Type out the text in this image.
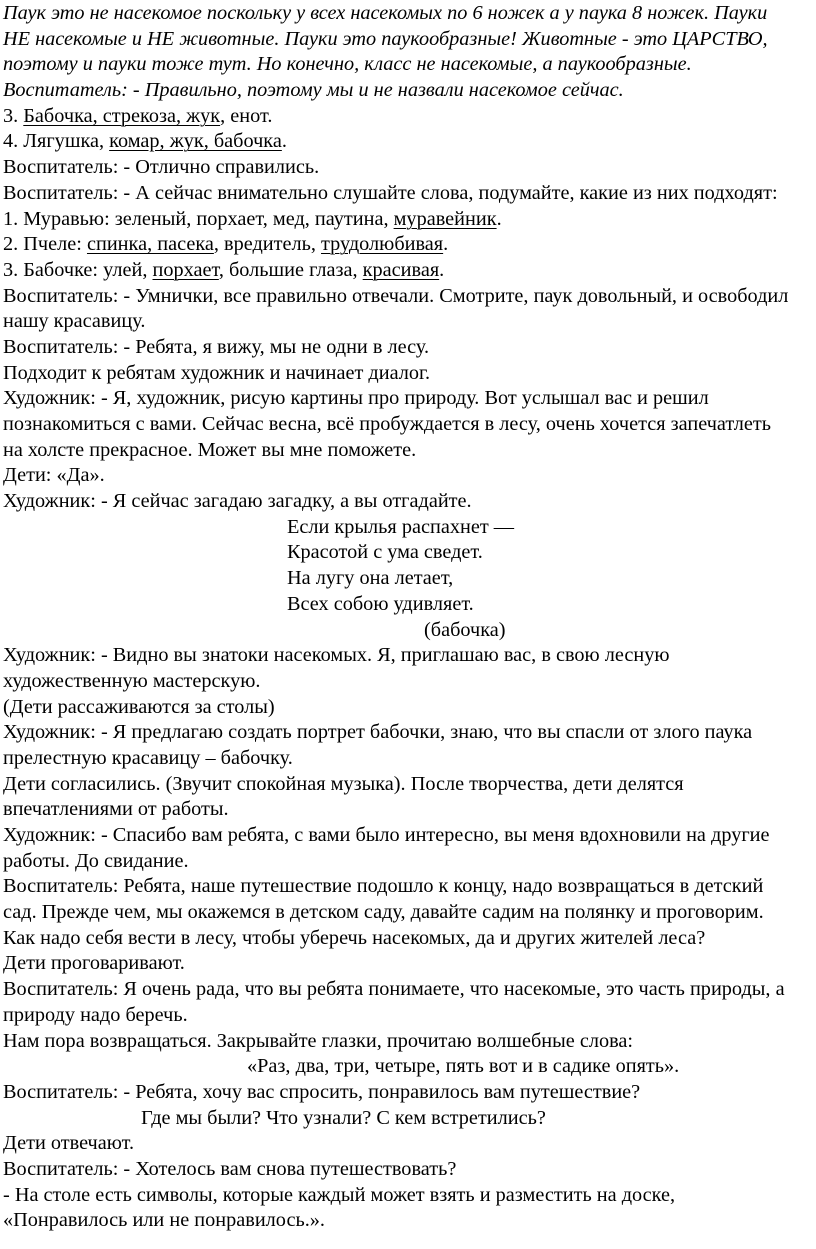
Паук это не насекомое поскольку у всех насекомых по 6 ножек а у паука 8 ножек. Пауки
НЕ насекомые и НЕ животные. Пауки это паукообразные! Животные - это ЦАРСТВО,
поэтому и пауки тоже тут. Но конечно, класс не насекомые, а паукообразные.
Воспитатель: - Правильно, поэтому мы и не назвали насекомое сейчас.
3. Бабочка, стрекоза, жук, енот.
4. Лягушка, комар, жук, бабочка.
Воспитатель: - Отлично справились.
Воспитатель: - А сейчас внимательно слушайте слова, подумайте, какие из них подходят:
1. Муравью: зеленый, порхает, мед, паутина, муравейник.
2. Пчеле: спинка, пасека, вредитель, трудолюбивая.
3. Бабочке: улей, порхает, большие глаза, красивая.
Воспитатель: - Умнички, все правильно отвечали. Смотрите, паук довольный, и освободил
нашу красавицу.
Воспитатель: - Ребята, я вижу, мы не одни в лесу.
Подходит к ребятам художник и начинает диалог.
Художник: - Я, художник, рисую картины про природу. Вот услышал вас и решил
познакомиться с вами. Сейчас весна, всё пробуждается в лесу, очень хочется запечатлеть
на холсте прекрасное. Может вы мне поможете.
Дети: «Да».
Художник: - Я сейчас загадаю загадку, а вы отгадайте.
Если крылья распахнет —
Красотой с ума сведет.
На лугу она летает,
Всех собою удивляет.
(бабочка)
Художник: - Видно вы знатоки насекомых. Я, приглашаю вас, в свою лесную
художественную мастерскую.
(Дети рассаживаются за столы)
Художник: - Я предлагаю создать портрет бабочки, знаю, что вы спасли от злого паука
прелестную красавицу – бабочку.
Дети согласились. (Звучит спокойная музыка). После творчества, дети делятся
впечатлениями от работы.
Художник: - Спасибо вам ребята, с вами было интересно, вы меня вдохновили на другие
работы. До свидание.
Воспитатель: Ребята, наше путешествие подошло к концу, надо возвращаться в детский
сад. Прежде чем, мы окажемся в детском саду, давайте садим на полянку и проговорим.
Как надо себя вести в лесу, чтобы уберечь насекомых, да и других жителей леса?
Дети проговаривают.
Воспитатель: Я очень рада, что вы ребята понимаете, что насекомые, это часть природы, а
природу надо беречь.
Нам пора возвращаться. Закрывайте глазки, прочитаю волшебные слова:
«Раз, два, три, четыре, пять вот и в садике опять».
Воспитатель: - Ребята, хочу вас спросить, понравилось вам путешествие?
Где мы были? Что узнали? С кем встретились?
Дети отвечают.
Воспитатель: - Хотелось вам снова путешествовать?
- На столе есть символы, которые каждый может взять и разместить на доске,
«Понравилось или не понравилось.».
